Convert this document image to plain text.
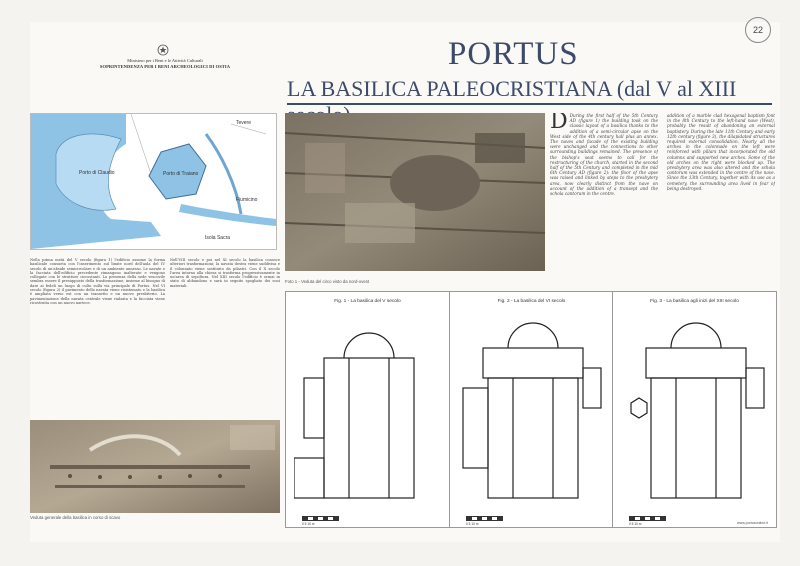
22
Ministero per i Beni e le Attività Culturali
SOPRINTENDENZA PER I BENI ARCHEOLOGICI DI OSTIA	PORTUS
LA BASILICA PALEOCRISTIANA (dal V al XIII
Porto di Claudio	Porto di Traiano
Isola Sacra
Tevere
Fiumicino
Nella prima metà del V secolo (figura 1) l'edificio assume la forma basilicale consueta con l'inserimento sul limite nord dell'aula del IV secolo di un'abside semicircolare e di un ambiente annesso. Le navate e la facciata dell'edificio precedente rimangono inalterate e vengono collegate con le strutture circostanti. La presenza della sede vescovile sembra essere il presupposto della trasformazione, insieme al bisogno di dare ai fedeli un luogo di culto sulla via principale di Portus. Nel VI secolo (figura 2) il pavimento della navata viene risistemato e la basilica è ampliata verso est con un transetto e un nuovo presbiterio. La pavimentazione della navata centrale viene rialzata e la facciata viene ricostruita con un nuovo nartece.
Nell'VIII secolo e poi nel XI secolo la basilica conosce ulteriori trasformazioni; la navata destra viene suddivisa e il colonnato viene sostituito da pilastri. Con il X secolo l'area intorno alla chiesa si trasforma progressivamente in un'area di sepoltura. Nel XIII secolo l'edificio è ormai in stato di abbandono e sarà in seguito spogliato dei suoi materiali.
Veduta generale della basilica in corso di scavo
Foto 1 - Veduta del circo visto da nord-ovest
D During the first half of the 5th Century AD (figure 1) the building took on the classic layout of a basilica thanks to the addition of a semi-circular apse on the West side of the 4th century hall plus an annex. The naves and facade of the existing building were unchanged and the connections to other surrounding buildings remained. The presence of the bishop's seat seems to call for the restructuring of the church, started in the second half of the 5th Century and completed in the mid 6th Century AD (figure 2): the floor of the apse was raised and linked by steps to the presbytery area, now clearly distinct from the nave on account of the addition of a transept and the schola cantorum in the centre.
addition of a marble clad hexagonal baptism font in the 8th Century to the left-hand nave (West), probably the result of abandoning an external baptistery. During the late 11th Century and early 12th century (figure 3), the dilapidated structures required external consolidation. Nearly all the arches in the colonnade on the left were reinforced with pillars that incorporated the old columns and supported new arches. Some of the old arches on the right were blocked up. The presbytery area was also altered and the schola cantorum was extended in the centre of the nave. Since the 13th Century, together with its use as a cemetery, the surrounding area lived in fear of being destroyed.
Fig. 1 - La basilica del V secolo
0 5 10 m
Fig. 2 - La basilica del VI secolo
0 5 10 m
Fig. 3 - La basilica agli inizi del XIII secolo
0 5 10 m	www.portusonline.it
